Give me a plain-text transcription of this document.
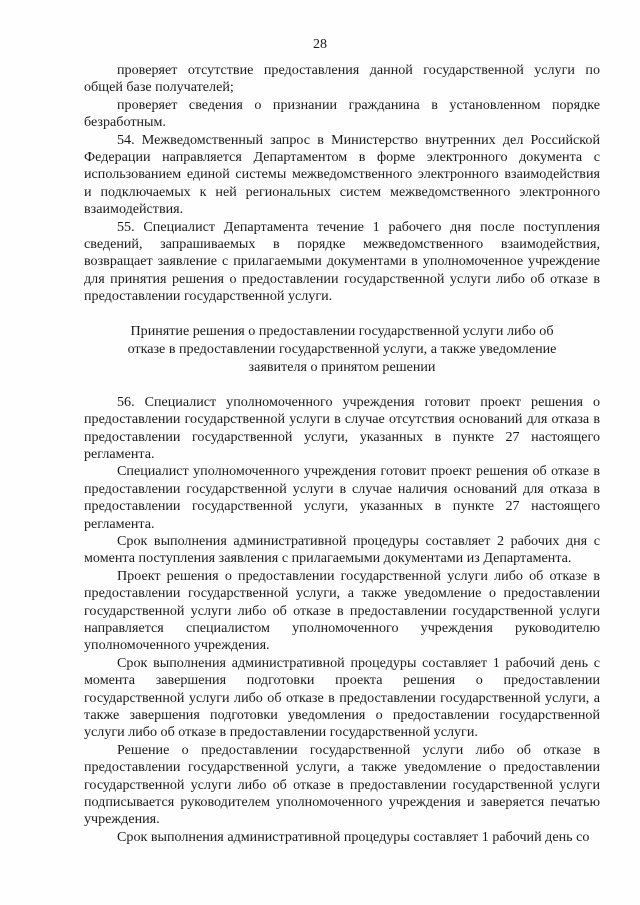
28

проверяет отсутствие предоставления данной государственной услуги по общей базе получателей;

проверяет сведения о признании гражданина в установленном порядке безработным.

54. Межведомственный запрос в Министерство внутренних дел Российской Федерации направляется Департаментом в форме электронного документа с использованием единой системы межведомственного электронного взаимодействия и подключаемых к ней региональных систем межведомственного электронного взаимодействия.

55. Специалист Департамента течение 1 рабочего дня после поступления сведений, запрашиваемых в порядке межведомственного взаимодействия, возвращает заявление с прилагаемыми документами в уполномоченное учреждение для принятия решения о предоставлении государственной услуги либо об отказе в предоставлении государственной услуги.

Принятие решения о предоставлении государственной услуги либо об
отказе в предоставлении государственной услуги, а также уведомление
заявителя о принятом решении

56. Специалист уполномоченного учреждения готовит проект решения о предоставлении государственной услуги в случае отсутствия оснований для отказа в предоставлении государственной услуги, указанных в пункте 27 настоящего регламента.

Специалист уполномоченного учреждения готовит проект решения об отказе в предоставлении государственной услуги в случае наличия оснований для отказа в предоставлении государственной услуги, указанных в пункте 27 настоящего регламента.

Срок выполнения административной процедуры составляет 2 рабочих дня с момента поступления заявления с прилагаемыми документами из Департамента.

Проект решения о предоставлении государственной услуги либо об отказе в предоставлении государственной услуги, а также уведомление о предоставлении государственной услуги либо об отказе в предоставлении государственной услуги направляется специалистом уполномоченного учреждения руководителю уполномоченного учреждения.

Срок выполнения административной процедуры составляет 1 рабочий день с момента завершения подготовки проекта решения о предоставлении государственной услуги либо об отказе в предоставлении государственной услуги, а также завершения подготовки уведомления о предоставлении государственной услуги либо об отказе в предоставлении государственной услуги.

Решение о предоставлении государственной услуги либо об отказе в предоставлении государственной услуги, а также уведомление о предоставлении государственной услуги либо об отказе в предоставлении государственной услуги подписывается руководителем уполномоченного учреждения и заверяется печатью учреждения.

Срок выполнения административной процедуры составляет 1 рабочий день со
